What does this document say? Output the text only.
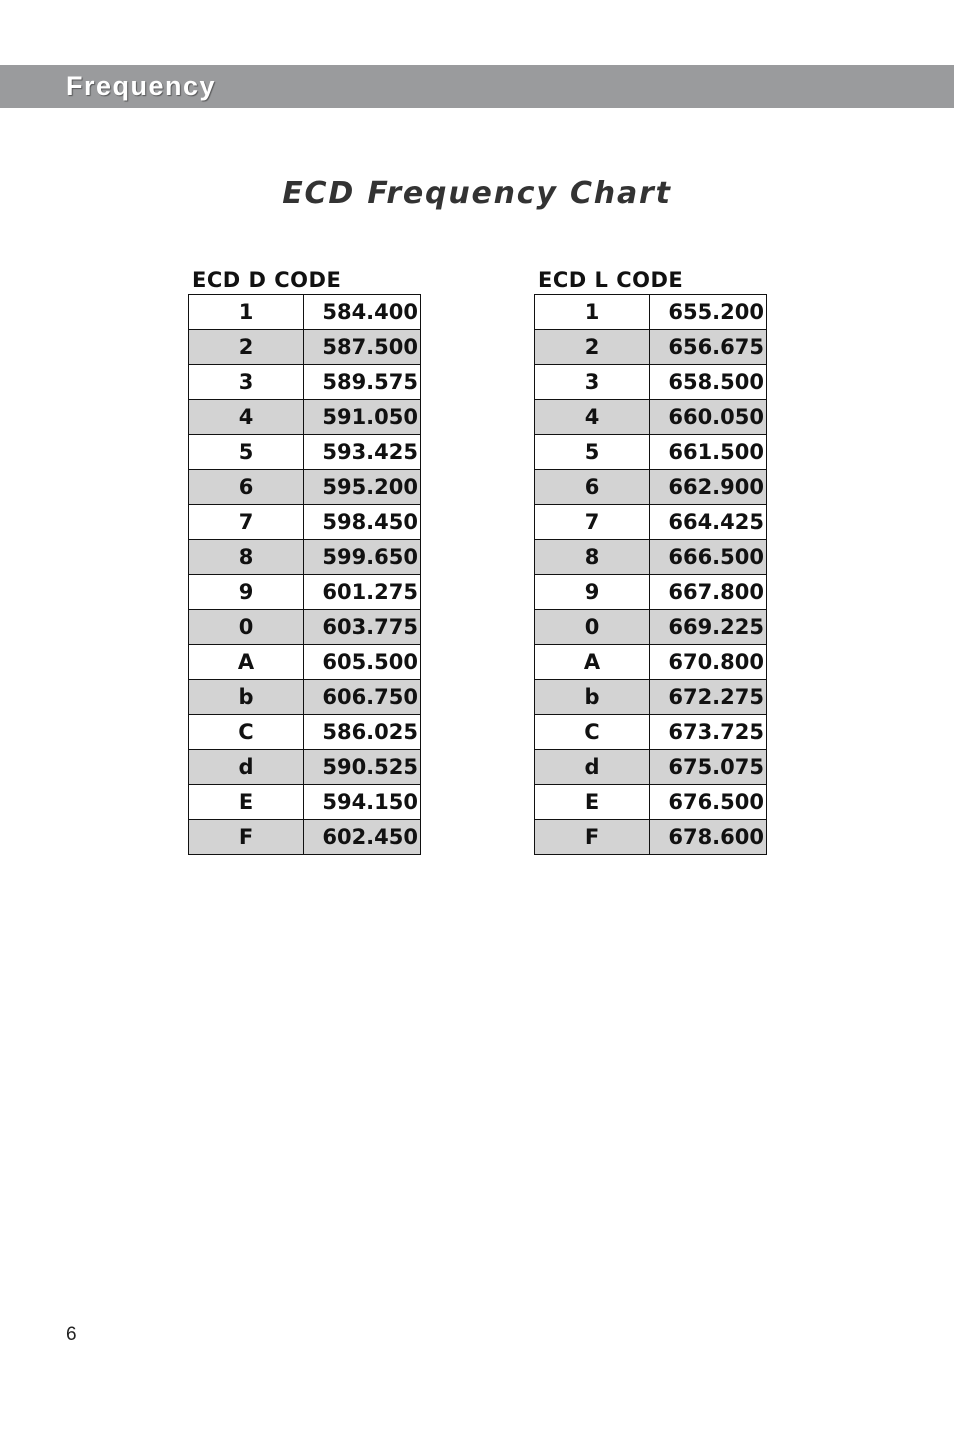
Frequency
ECD Frequency Chart
ECD D CODE
1	584.400
2	587.500
3	589.575
4	591.050
5	593.425
6	595.200
7	598.450
8	599.650
9	601.275
0	603.775
A	605.500
b	606.750
C	586.025
d	590.525
E	594.150
F	602.450
ECD L CODE
1	655.200
2	656.675
3	658.500
4	660.050
5	661.500
6	662.900
7	664.425
8	666.500
9	667.800
0	669.225
A	670.800
b	672.275
C	673.725
d	675.075
E	676.500
F	678.600
6
